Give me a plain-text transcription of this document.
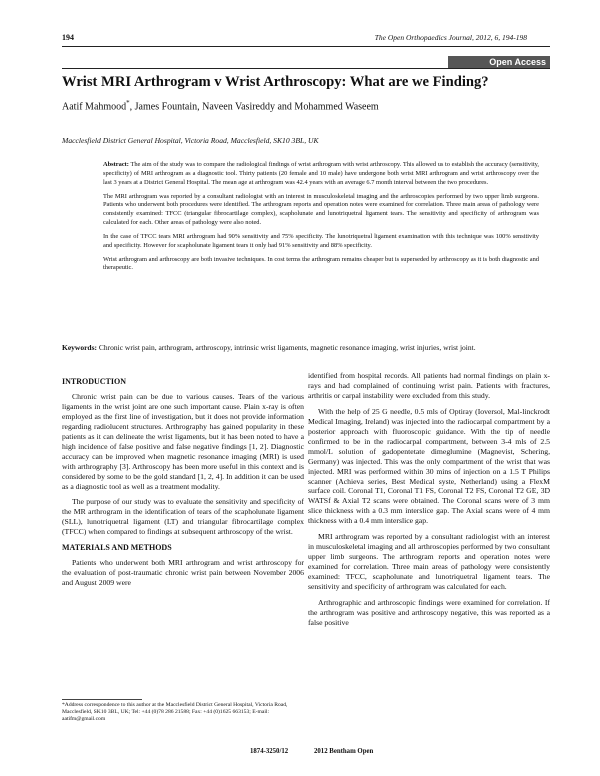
194	The Open Orthopaedics Journal, 2012, 6, 194-198
Open Access
Wrist MRI Arthrogram v Wrist Arthroscopy: What are we Finding?
Aatif Mahmood*, James Fountain, Naveen Vasireddy and Mohammed Waseem
Macclesfield District General Hospital, Victoria Road, Macclesfield, SK10 3BL, UK

Abstract: The aim of the study was to compare the radiological findings of wrist arthrogram with wrist arthroscopy. This allowed us to establish the accuracy (sensitivity, specificity) of MRI arthrogram as a diagnostic tool. Thirty patients (20 female and 10 male) have undergone both wrist MRI arthrogram and wrist arthroscopy over the last 3 years at a District General Hospital. The mean age at arthrogram was 42.4 years with an average 6.7 month interval between the two procedures.

The MRI arthrogram was reported by a consultant radiologist with an interest in musculoskeletal imaging and the arthroscopies performed by two upper limb surgeons. Patients who underwent both procedures were identified. The arthrogram reports and operation notes were examined for correlation. Three main areas of pathology were consistently examined: TFCC (triangular fibrocartilage complex), scapholunate and lunotriquetral ligament tears. The sensitivity and specificity of arthrogram was calculated for each. Other areas of pathology were also noted.

In the case of TFCC tears MRI arthrogram had 90% sensitivity and 75% specificity. The lunotriquetral ligament examination with this technique was 100% sensitivity and specificity. However for scapholunate ligament tears it only had 91% sensitivity and 88% specificity.

Wrist arthrogram and arthroscopy are both invasive techniques. In cost terms the arthrogram remains cheaper but is superseded by arthroscopy as it is both diagnostic and therapeutic.

Keywords: Chronic wrist pain, arthrogram, arthroscopy, intrinsic wrist ligaments, magnetic resonance imaging, wrist injuries, wrist joint.
INTRODUCTION

Chronic wrist pain can be due to various causes. Tears of the various ligaments in the wrist joint are one such important cause. Plain x-ray is often employed as the first line of investigation, but it does not provide information regarding radiolucent structures. Arthrography has gained popularity in these patients as it can delineate the wrist ligaments, but it has been noted to have a high incidence of false positive and false negative findings [1, 2]. Diagnostic accuracy can be improved when magnetic resonance imaging (MRI) is used with arthrography [3]. Arthroscopy has been more useful in this context and is considered by some to be the gold standard [1, 2, 4]. In addition it can be used as a diagnostic tool as well as a treatment modality.

The purpose of our study was to evaluate the sensitivity and specificity of the MR arthrogram in the identification of tears of the scapholunate ligament (SLL), lunotriquetral ligament (LT) and triangular fibrocartilage complex (TFCC) when compared to findings at subsequent arthroscopy of the wrist.

MATERIALS AND METHODS

Patients who underwent both MRI arthrogram and wrist arthroscopy for the evaluation of post-traumatic chronic wrist pain between November 2006 and August 2009 were

identified from hospital records. All patients had normal findings on plain x-rays and had complained of continuing wrist pain. Patients with fractures, arthritis or carpal instability were excluded from this study.

With the help of 25 G needle, 0.5 mls of Optiray (Ioversol, Mal-linckrodt Medical Imaging, Ireland) was injected into the radiocarpal compartment by a posterior approach with fluoroscopic guidance. With the tip of needle confirmed to be in the radiocarpal compartment, between 3-4 mls of 2.5 mmol/L solution of gadopentetate dimeglumine (Magnevist, Schering, Germany) was injected. This was the only compartment of the wrist that was injected. MRI was performed within 30 mins of injection on a 1.5 T Philips scanner (Achieva series, Best Medical syste, Netherland) using a FlexM surface coil. Coronal T1, Coronal T1 FS, Coronal T2 FS, Coronal T2 GE, 3D WATSf & Axial T2 scans were obtained. The Coronal scans were of 3 mm slice thickness with a 0.3 mm interslice gap. The Axial scans were of 4 mm thickness with a 0.4 mm interslice gap.

MRI arthrogram was reported by a consultant radiologist with an interest in musculoskeletal imaging and all arthroscopies performed by two consultant upper limb surgeons. The arthrogram reports and operation notes were examined for correlation. Three main areas of pathology were consistently examined: TFCC, scapholunate and lunotriquetral ligament tears. The sensitivity and specificity of arthrogram was calculated for each.

Arthrographic and arthroscopic findings were examined for correlation. If the arthrogram was positive and arthroscopy negative, this was reported as a false positive

*Address correspondence to this author at the Macclesfield District General Hospital, Victoria Road, Macclesfield, SK10 3BL, UK; Tel: +44 (0)78 286 21588; Fax: +44 (0)1625 663153; E-mail: aatifm@gmail.com
1874-3250/12	2012 Bentham Open
